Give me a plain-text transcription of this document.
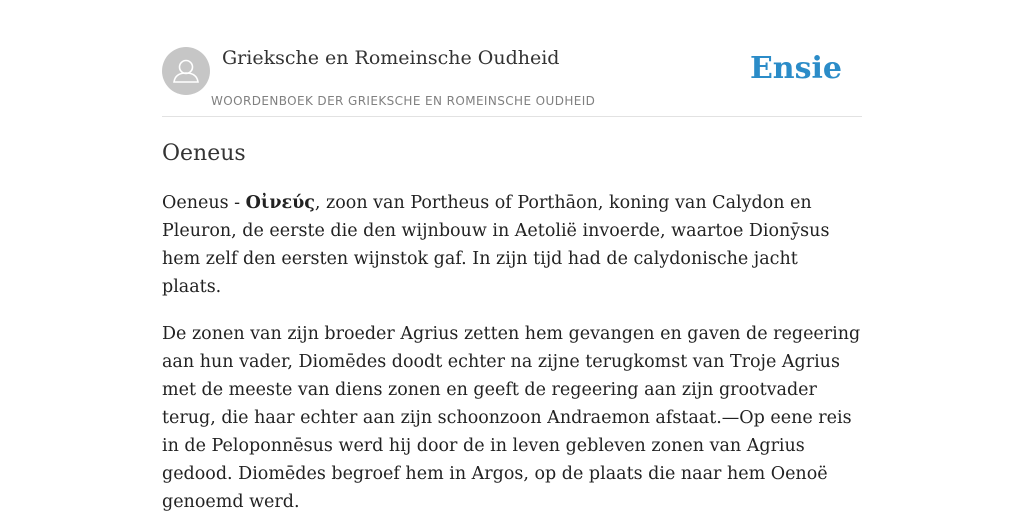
Grieksche en Romeinsche Oudheid
WOORDENBOEK DER GRIEKSCHE EN ROMEINSCHE OUDHEID
Ensie
Oeneus

Oeneus - Οἰνεύς, zoon van Portheus of Porthāon, koning van Calydon en Pleuron, de eerste die den wijnbouw in Aetolië invoerde, waartoe Dionȳsus hem zelf den eersten wijnstok gaf. In zijn tijd had de calydonische jacht plaats.

De zonen van zijn broeder Agrius zetten hem gevangen en gaven de regeering aan hun vader, Diomēdes doodt echter na zijne terugkomst van Troje Agrius met de meeste van diens zonen en geeft de regeering aan zijn grootvader terug, die haar echter aan zijn schoonzoon Andraemon afstaat.—Op eene reis in de Peloponnēsus werd hij door de in leven gebleven zonen van Agrius gedood. Diomēdes begroef hem in Argos, op de plaats die naar hem Oenoë genoemd werd.
